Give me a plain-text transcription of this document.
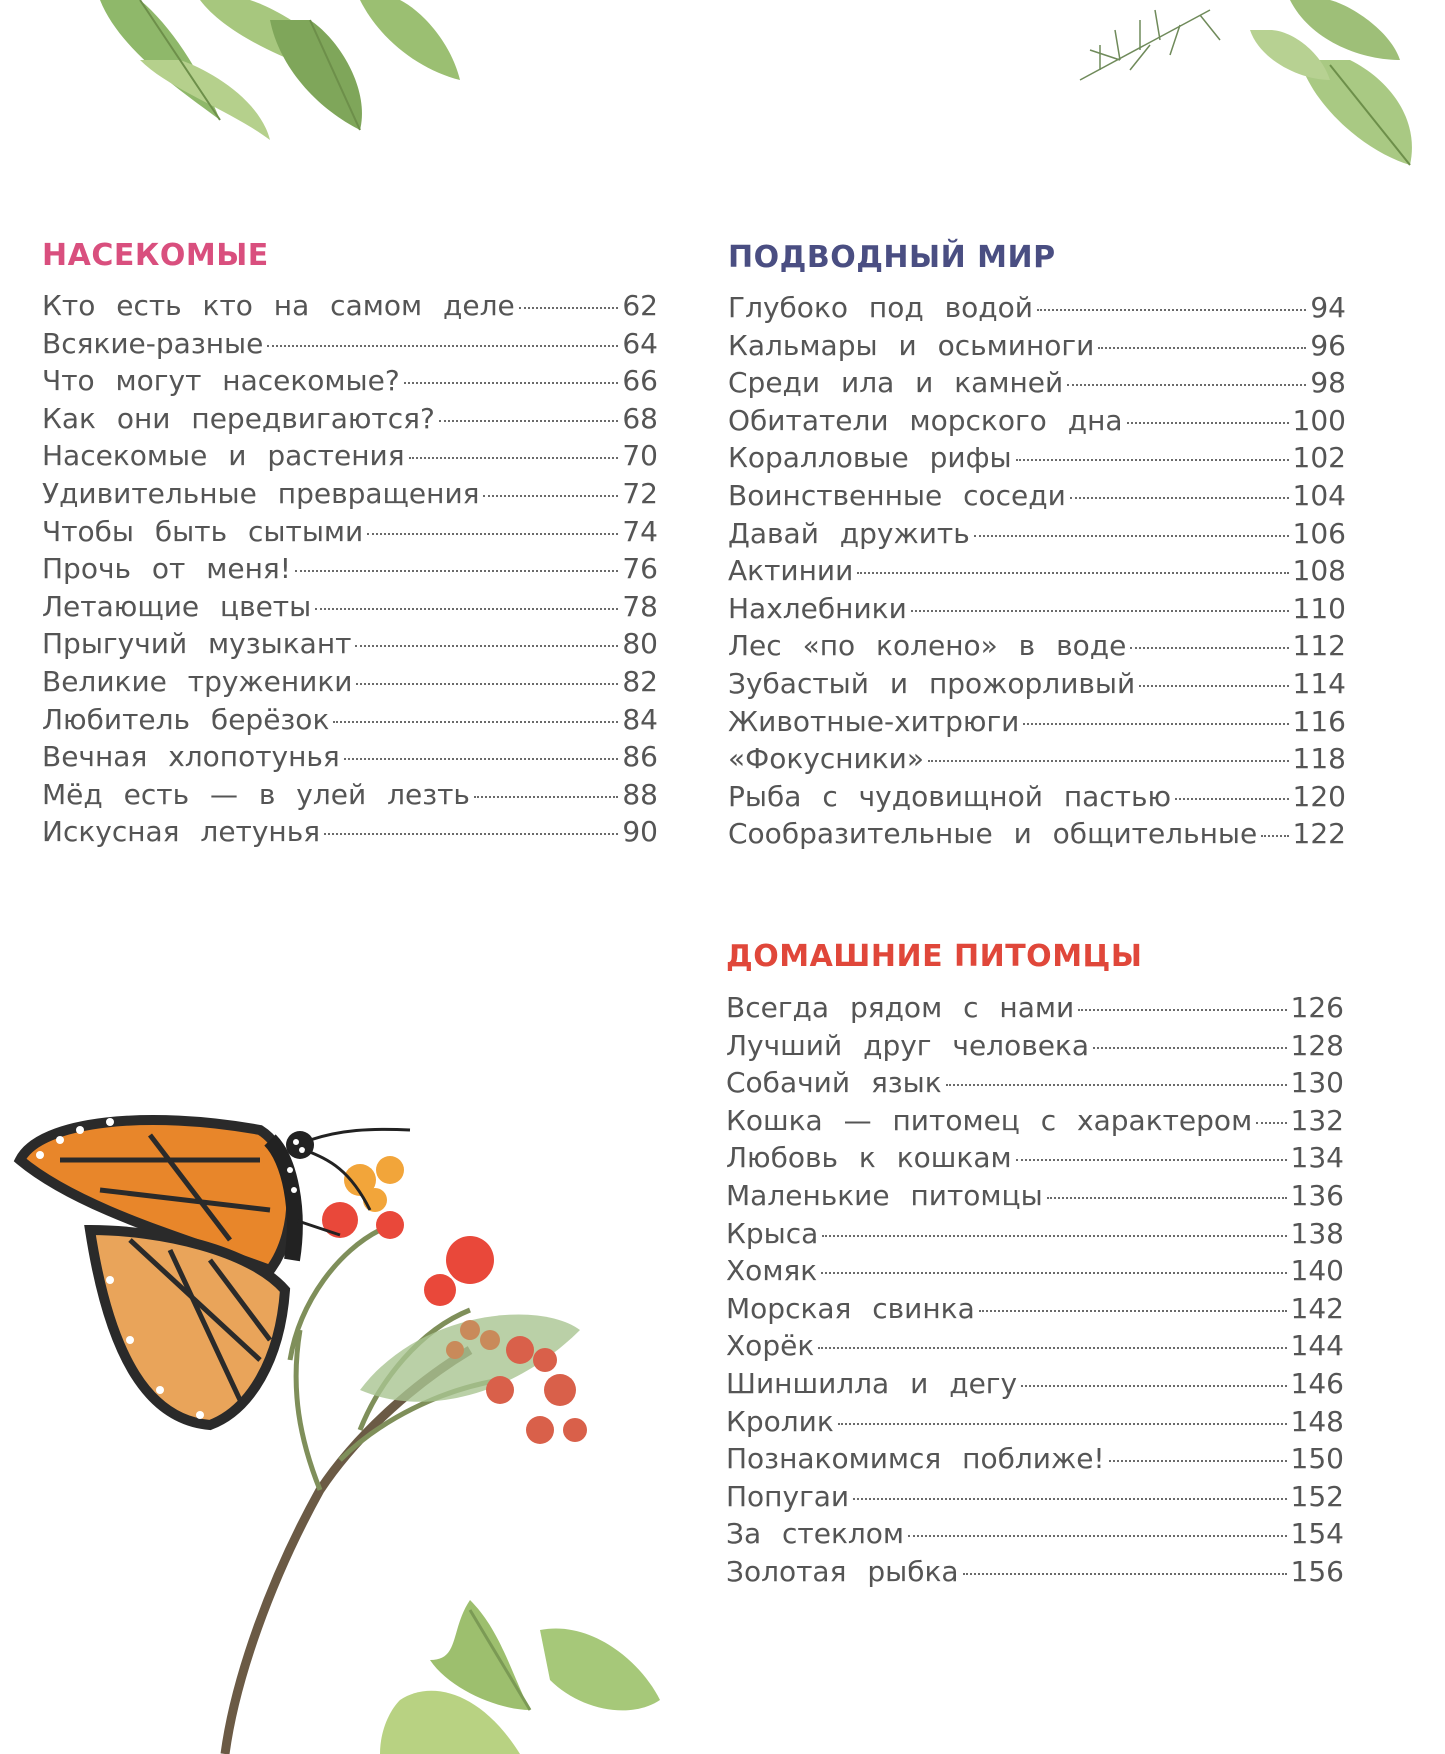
НАСЕКОМЫЕ
Кто есть кто на самом деле	62
Всякие-разные	64
Что могут насекомые?	66
Как они передвигаются?	68
Насекомые и растения	70
Удивительные превращения	72
Чтобы быть сытыми	74
Прочь от меня!	76
Летающие цветы	78
Прыгучий музыкант	80
Великие труженики	82
Любитель берёзок	84
Вечная хлопотунья	86
Мёд есть — в улей лезть	88
Искусная летунья	90
ПОДВОДНЫЙ МИР
Глубоко под водой	94
Кальмары и осьминоги	96
Среди ила и камней	98
Обитатели морского дна	100
Коралловые рифы	102
Воинственные соседи	104
Давай дружить	106
Актинии	108
Нахлебники	110
Лес «по колено» в воде	112
Зубастый и прожорливый	114
Животные-хитрюги	116
«Фокусники»	118
Рыба с чудовищной пастью	120
Сообразительные и общительные 122
ДОМАШНИЕ ПИТОМЦЫ
Всегда рядом с нами	126
Лучший друг человека	128
Собачий язык	130
Кошка — питомец с характером 132
Любовь к кошкам	134
Маленькие питомцы	136
Крыса	138
Хомяк	140
Морская свинка	142
Хорёк	144
Шиншилла и дегу	146
Кролик	148
Познакомимся поближе!	150
Попугаи	152
За стеклом	154
Золотая рыбка	156
